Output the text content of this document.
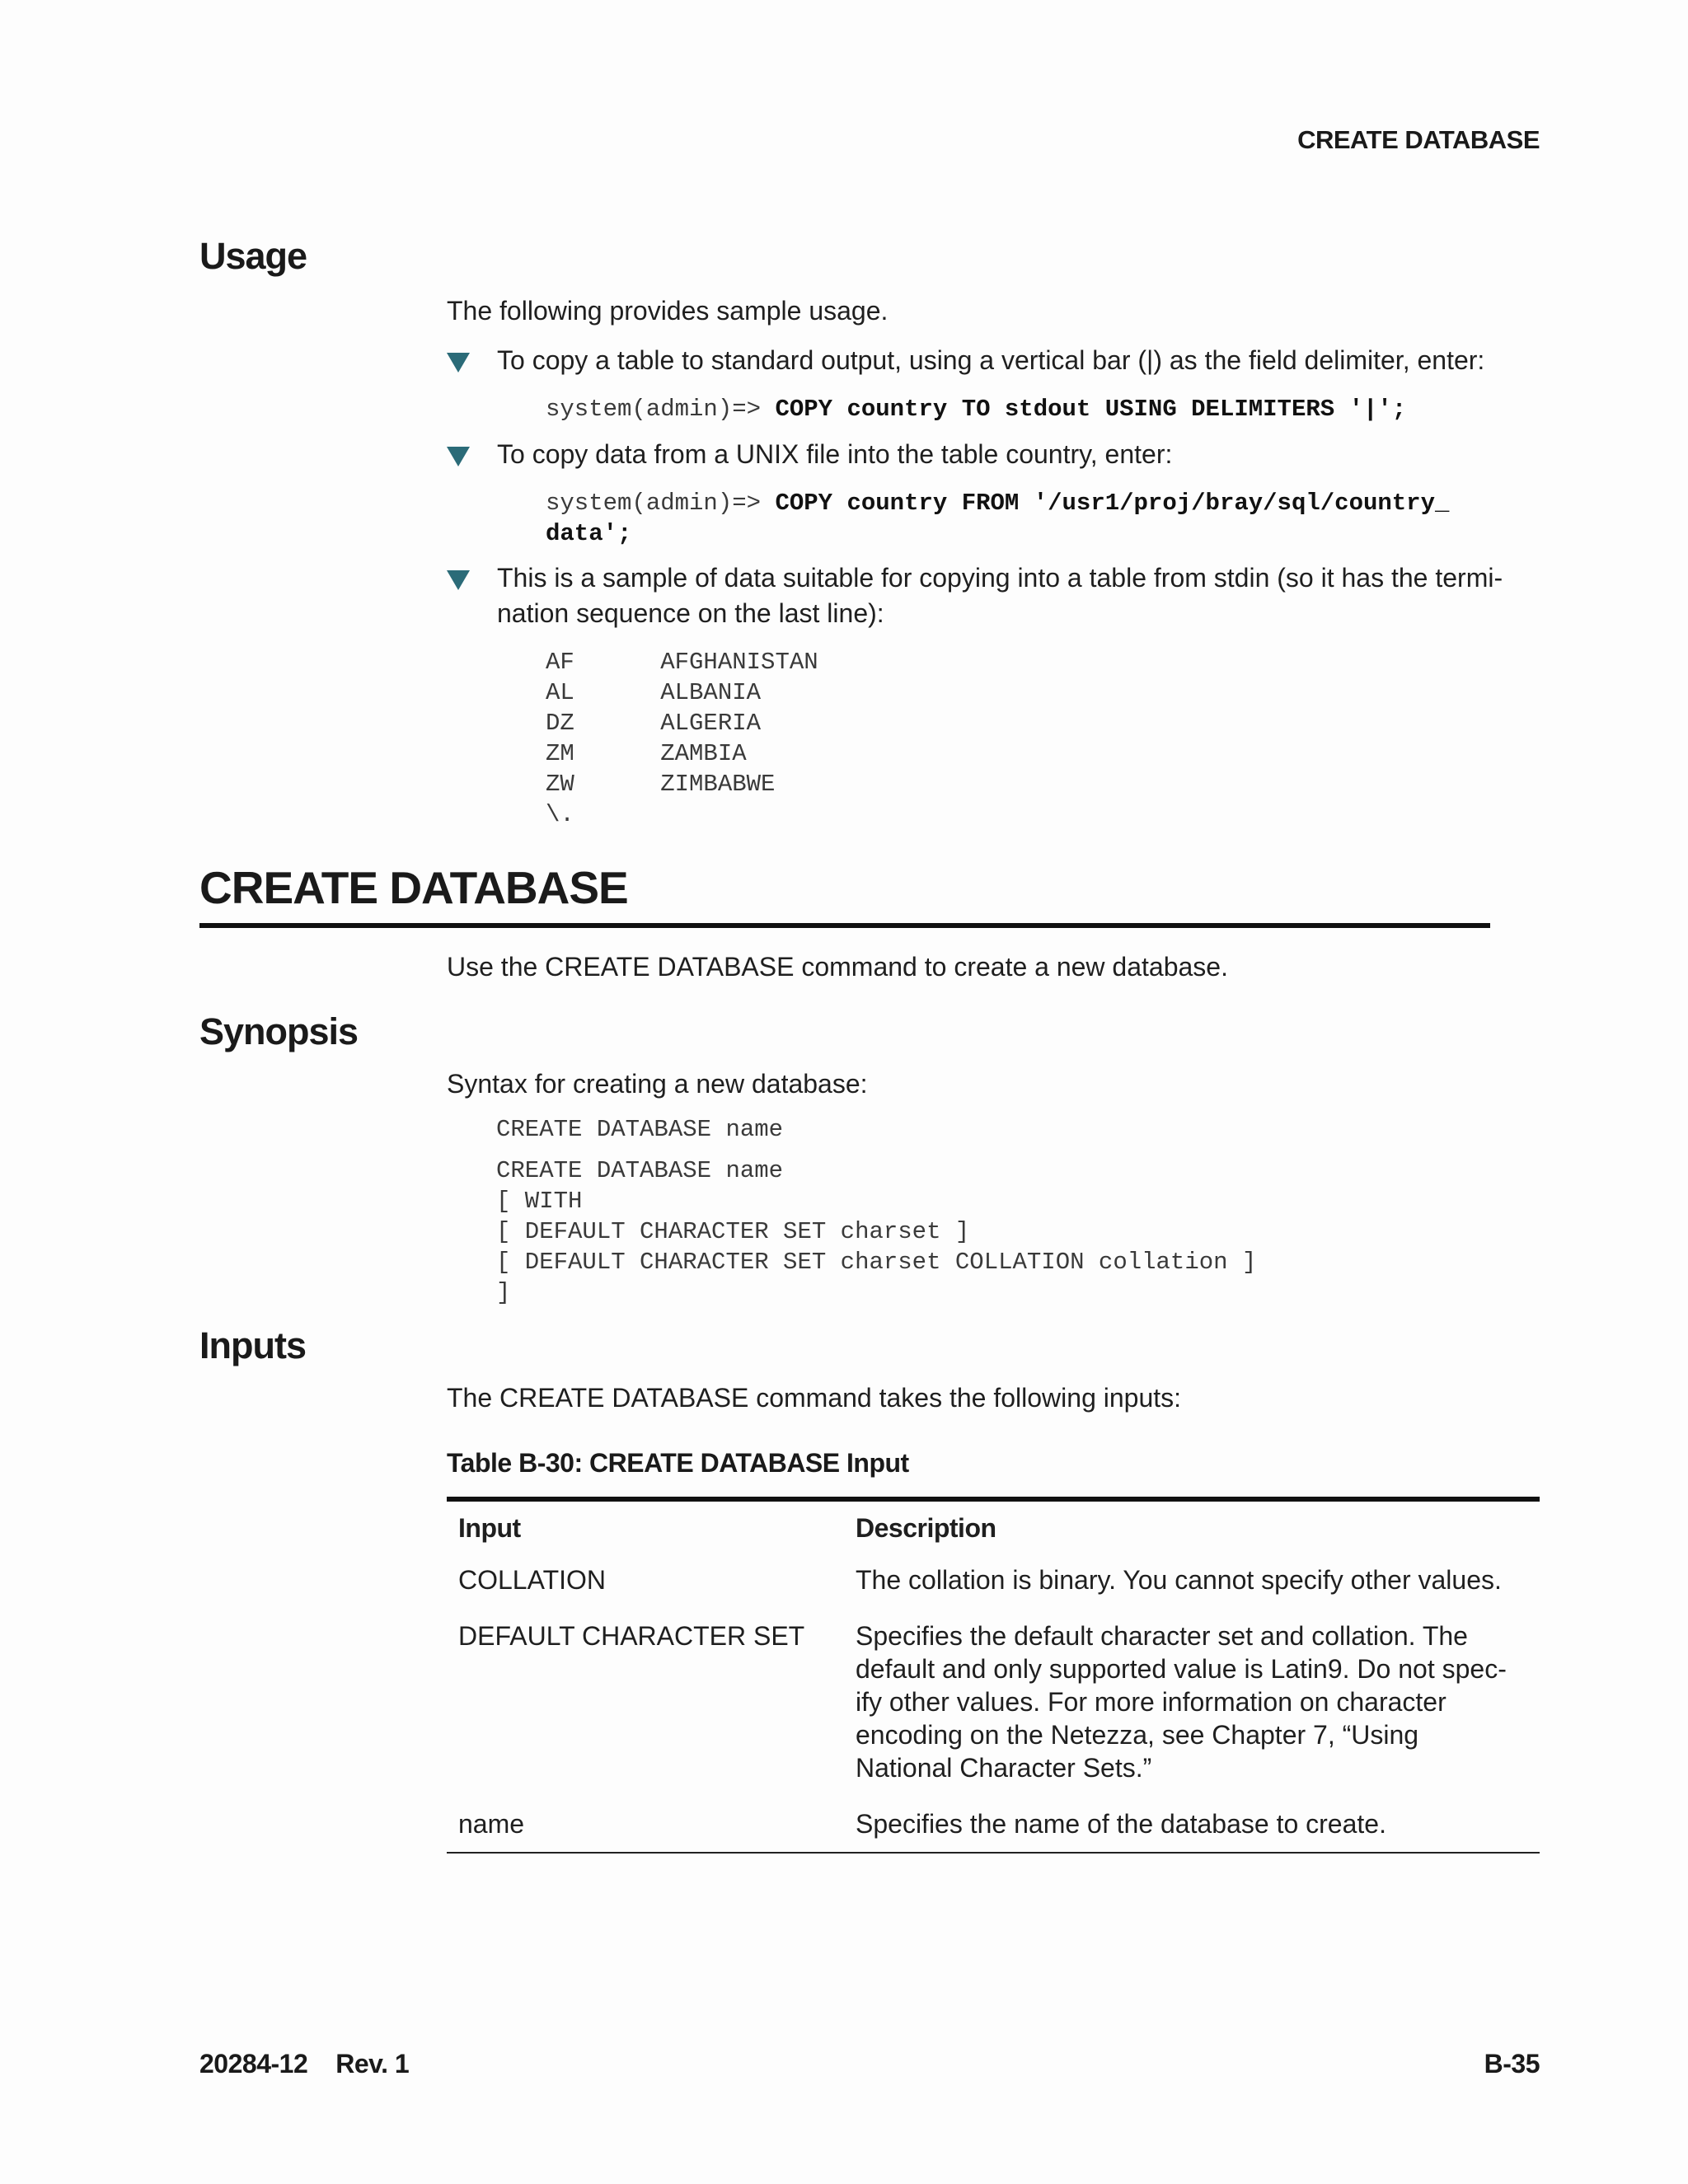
CREATE DATABASE
Usage
The following provides sample usage.
To copy a table to standard output, using a vertical bar (|) as the field delimiter, enter:
system(admin)=> COPY country TO stdout USING DELIMITERS '|';
To copy data from a UNIX file into the table country, enter:
system(admin)=> COPY country FROM '/usr1/proj/bray/sql/country_
data';
This is a sample of data suitable for copying into a table from stdin (so it has the termi-
nation sequence on the last line):
AF      AFGHANISTAN
AL      ALBANIA
DZ      ALGERIA
ZM      ZAMBIA
ZW      ZIMBABWE
\.
CREATE DATABASE
Use the CREATE DATABASE command to create a new database.
Synopsis
Syntax for creating a new database:
CREATE DATABASE name
CREATE DATABASE name
[ WITH
[ DEFAULT CHARACTER SET charset ]
[ DEFAULT CHARACTER SET charset COLLATION collation ]
]
Inputs
The CREATE DATABASE command takes the following inputs:
Table B-30: CREATE DATABASE Input
Input	Description
COLLATION	The collation is binary. You cannot specify other values.

DEFAULT CHARACTER SET	Specifies the default character set and collation. The
default and only supported value is Latin9. Do not spec-
ify other values. For more information on character
encoding on the Netezza, see Chapter 7, “Using
National Character Sets.”

name	Specifies the name of the database to create.
20284-12 Rev. 1	B-35
